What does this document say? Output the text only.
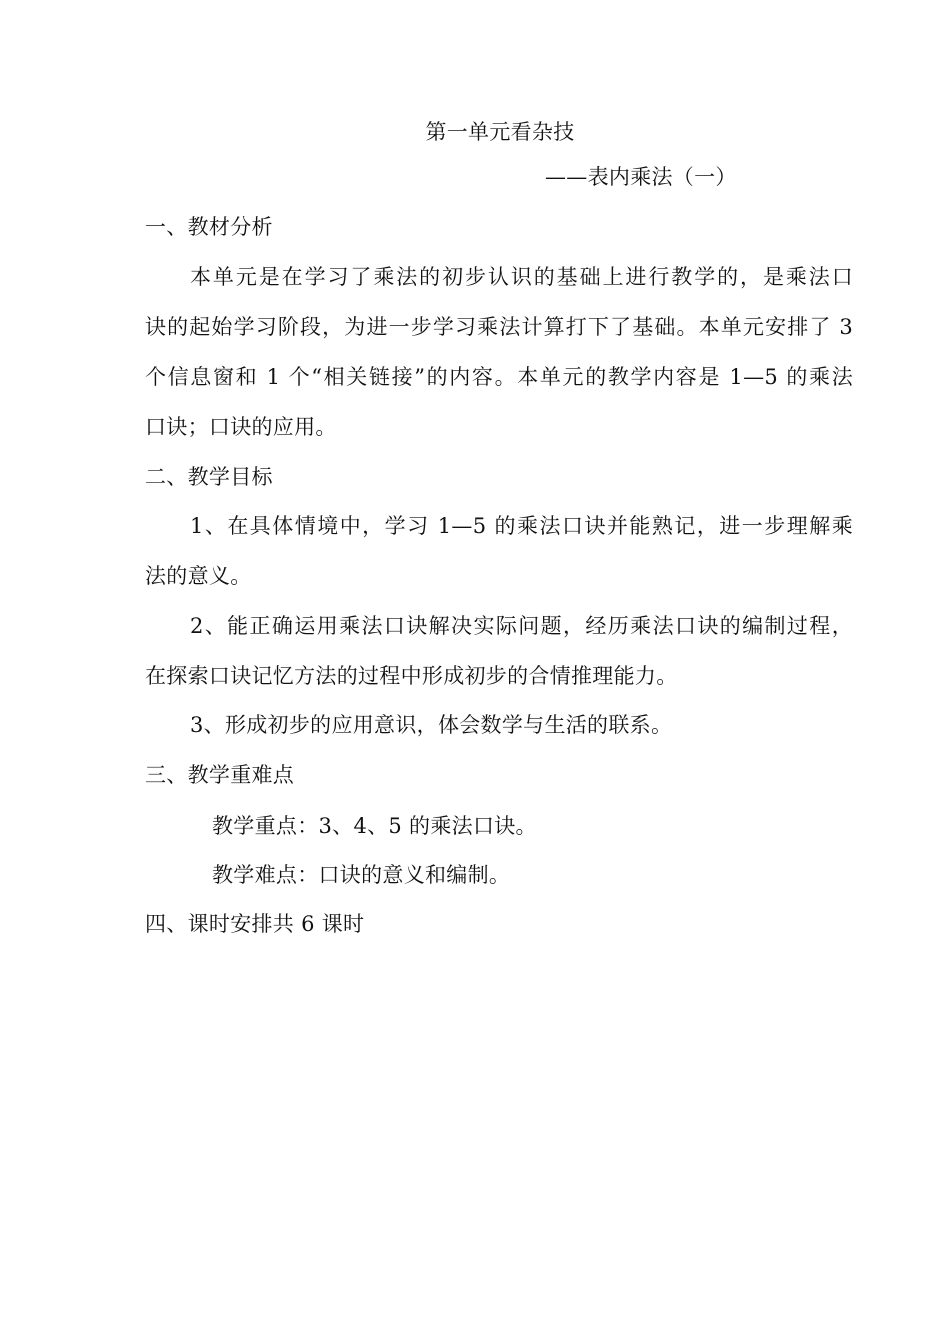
第一单元看杂技
——表内乘法（一）
一、教材分析
本单元是在学习了乘法的初步认识的基础上进行教学的，是乘法口
诀的起始学习阶段，为进一步学习乘法计算打下了基础。本单元安排了 3
个信息窗和 1 个“相关链接”的内容。本单元的教学内容是 1—5 的乘法
口诀；口诀的应用。
二、教学目标
1、在具体情境中，学习 1—5 的乘法口诀并能熟记，进一步理解乘
法的意义。
2、能正确运用乘法口诀解决实际问题，经历乘法口诀的编制过程，
在探索口诀记忆方法的过程中形成初步的合情推理能力。
3、形成初步的应用意识，体会数学与生活的联系。
三、教学重难点
教学重点：3、4、5 的乘法口诀。
教学难点：口诀的意义和编制。
四、课时安排共 6 课时
